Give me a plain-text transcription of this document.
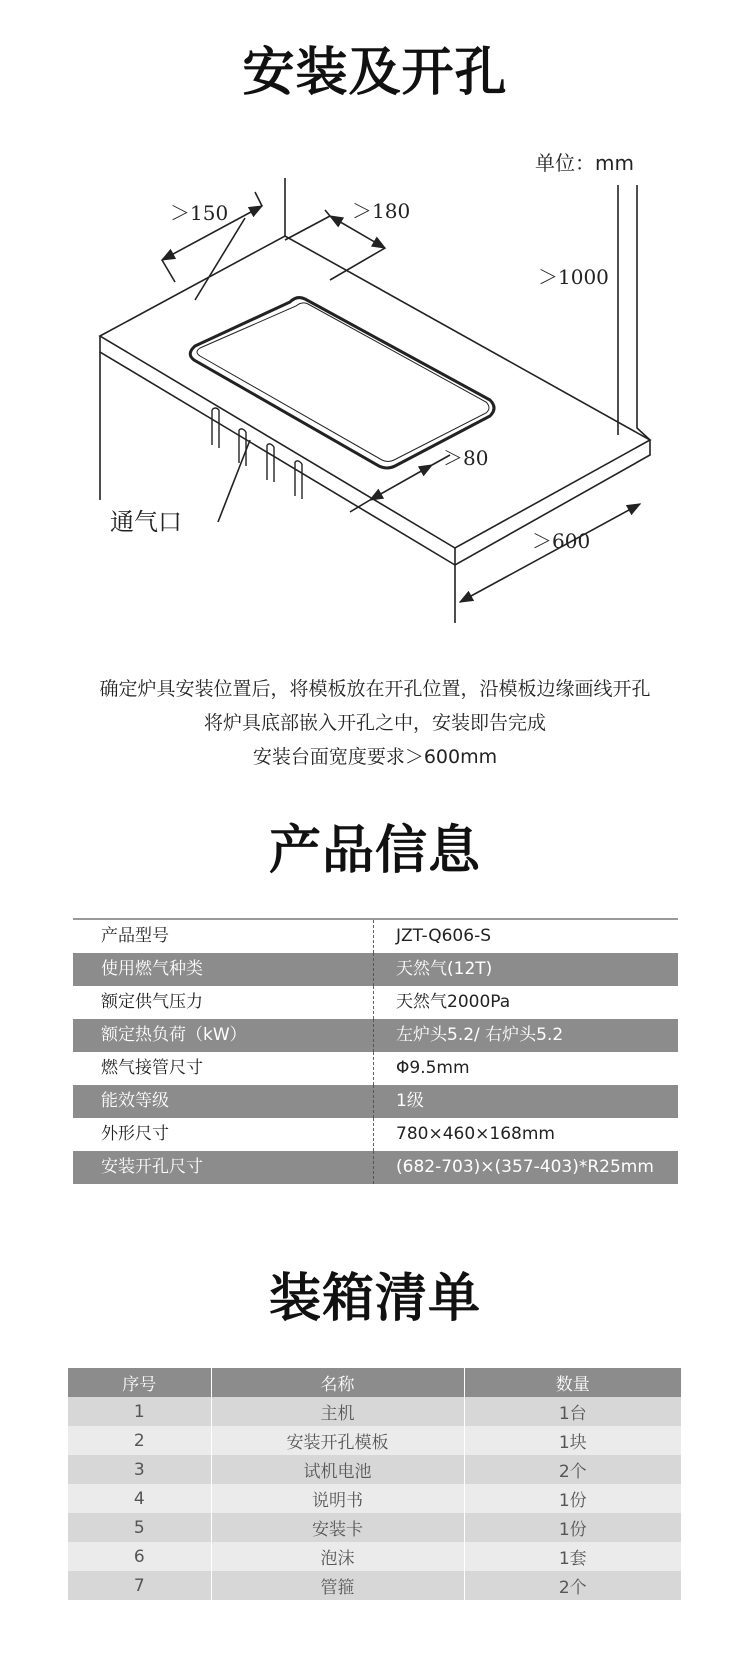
安装及开孔
单位：mm
＞150	＞180
＞1000
＞80
＞600
通气口
确定炉具安装位置后，将模板放在开孔位置，沿模板边缘画线开孔
将炉具底部嵌入开孔之中，安装即告完成
安装台面宽度要求＞600mm
产品信息
产品型号	JZT-Q606-S
使用燃气种类	天然气(12T)
额定供气压力	天然气2000Pa
额定热负荷（kW）	左炉头5.2/ 右炉头5.2
燃气接管尺寸	Φ9.5mm
能效等级	1级
外形尺寸	780×460×168mm
安装开孔尺寸	(682-703)×(357-403)*R25mm
装箱清单
序号	名称	数量
1	主机	1台
2	安装开孔模板	1块
3	试机电池	2个
4	说明书	1份
5	安装卡	1份
6	泡沫	1套
7	管箍	2个
